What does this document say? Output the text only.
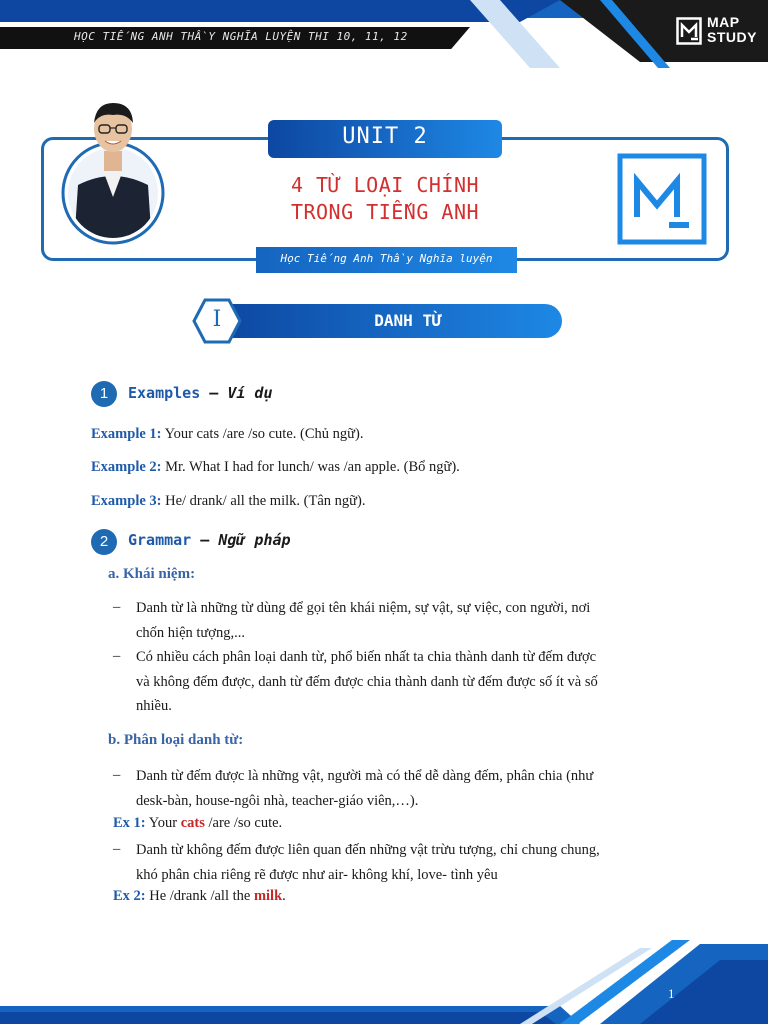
HỌC TIẾNG ANH THẦY NGHĨA LUYỆN THI 10, 11, 12
MAP
STUDY
UNIT 2
4 TỪ LOẠI CHÍNH
TRONG TIẾNG ANH
Học Tiếng Anh Thầy Nghĩa luyện
DANH TỪ
I
1	Examples – Ví dụ
Example 1: Your cats /are /so cute. (Chủ ngữ).
Example 2: Mr. What I had for lunch/ was /an apple. (Bổ ngữ).
Example 3: He/ drank/ all the milk. (Tân ngữ).
2	Grammar – Ngữ pháp
a. Khái niệm:
– Danh từ là những từ dùng để gọi tên khái niệm, sự vật, sự việc, con người, nơi
chốn hiện tượng,...
– Có nhiều cách phân loại danh từ, phổ biến nhất ta chia thành danh từ đếm được
và không đếm được, danh từ đếm được chia thành danh từ đếm được số ít và số
nhiều.
b. Phân loại danh từ:
– Danh từ đếm được là những vật, người mà có thể dễ dàng đếm, phân chia (như
desk-bàn, house-ngôi nhà, teacher-giáo viên,…).
Ex 1: Your cats /are /so cute.
– Danh từ không đếm được liên quan đến những vật trừu tượng, chỉ chung chung,
khó phân chia riêng rẽ được như air- không khí, love- tình yêu
Ex 2: He /drank /all the milk.
1
